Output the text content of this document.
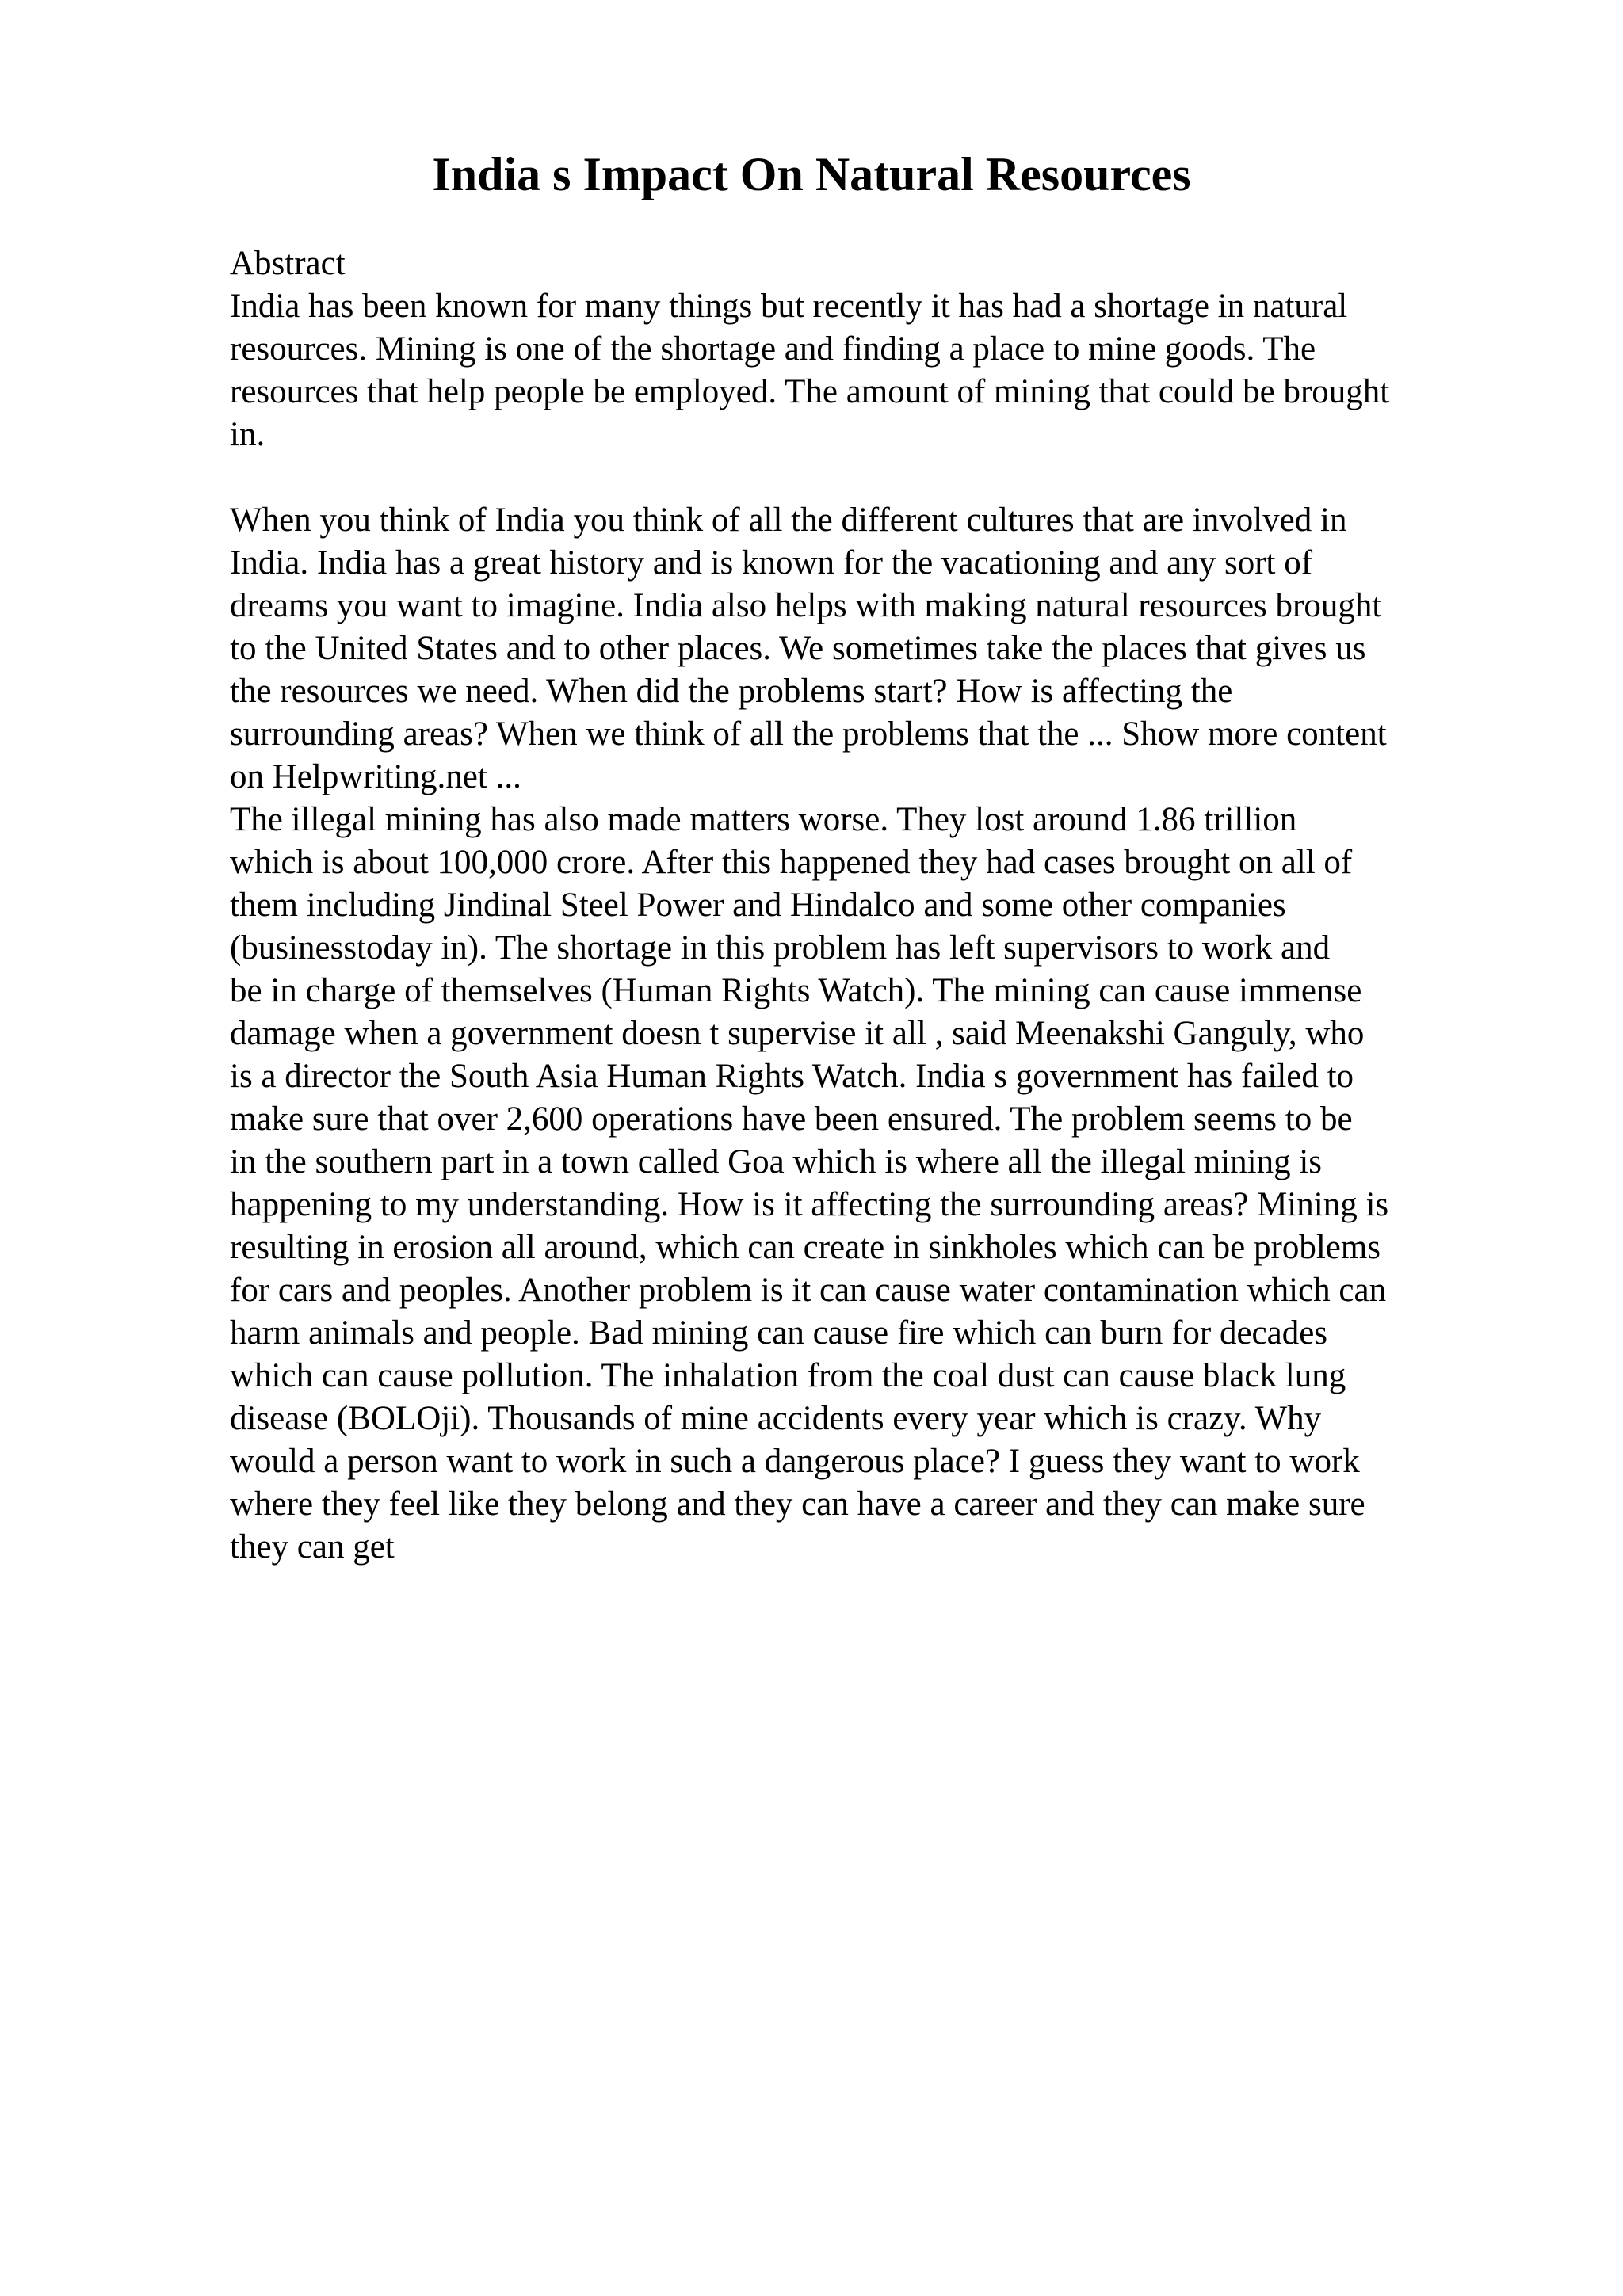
India s Impact On Natural Resources
Abstract
India has been known for many things but recently it has had a shortage in natural
resources. Mining is one of the shortage and finding a place to mine goods. The
resources that help people be employed. The amount of mining that could be brought
in.
When you think of India you think of all the different cultures that are involved in
India. India has a great history and is known for the vacationing and any sort of
dreams you want to imagine. India also helps with making natural resources brought
to the United States and to other places. We sometimes take the places that gives us
the resources we need. When did the problems start? How is affecting the
surrounding areas? When we think of all the problems that the ... Show more content
on Helpwriting.net ...
The illegal mining has also made matters worse. They lost around 1.86 trillion
which is about 100,000 crore. After this happened they had cases brought on all of
them including Jindinal Steel Power and Hindalco and some other companies
(businesstoday in). The shortage in this problem has left supervisors to work and
be in charge of themselves (Human Rights Watch). The mining can cause immense
damage when a government doesn t supervise it all , said Meenakshi Ganguly, who
is a director the South Asia Human Rights Watch. India s government has failed to
make sure that over 2,600 operations have been ensured. The problem seems to be
in the southern part in a town called Goa which is where all the illegal mining is
happening to my understanding. How is it affecting the surrounding areas? Mining is
resulting in erosion all around, which can create in sinkholes which can be problems
for cars and peoples. Another problem is it can cause water contamination which can
harm animals and people. Bad mining can cause fire which can burn for decades
which can cause pollution. The inhalation from the coal dust can cause black lung
disease (BOLOji). Thousands of mine accidents every year which is crazy. Why
would a person want to work in such a dangerous place? I guess they want to work
where they feel like they belong and they can have a career and they can make sure
they can get
